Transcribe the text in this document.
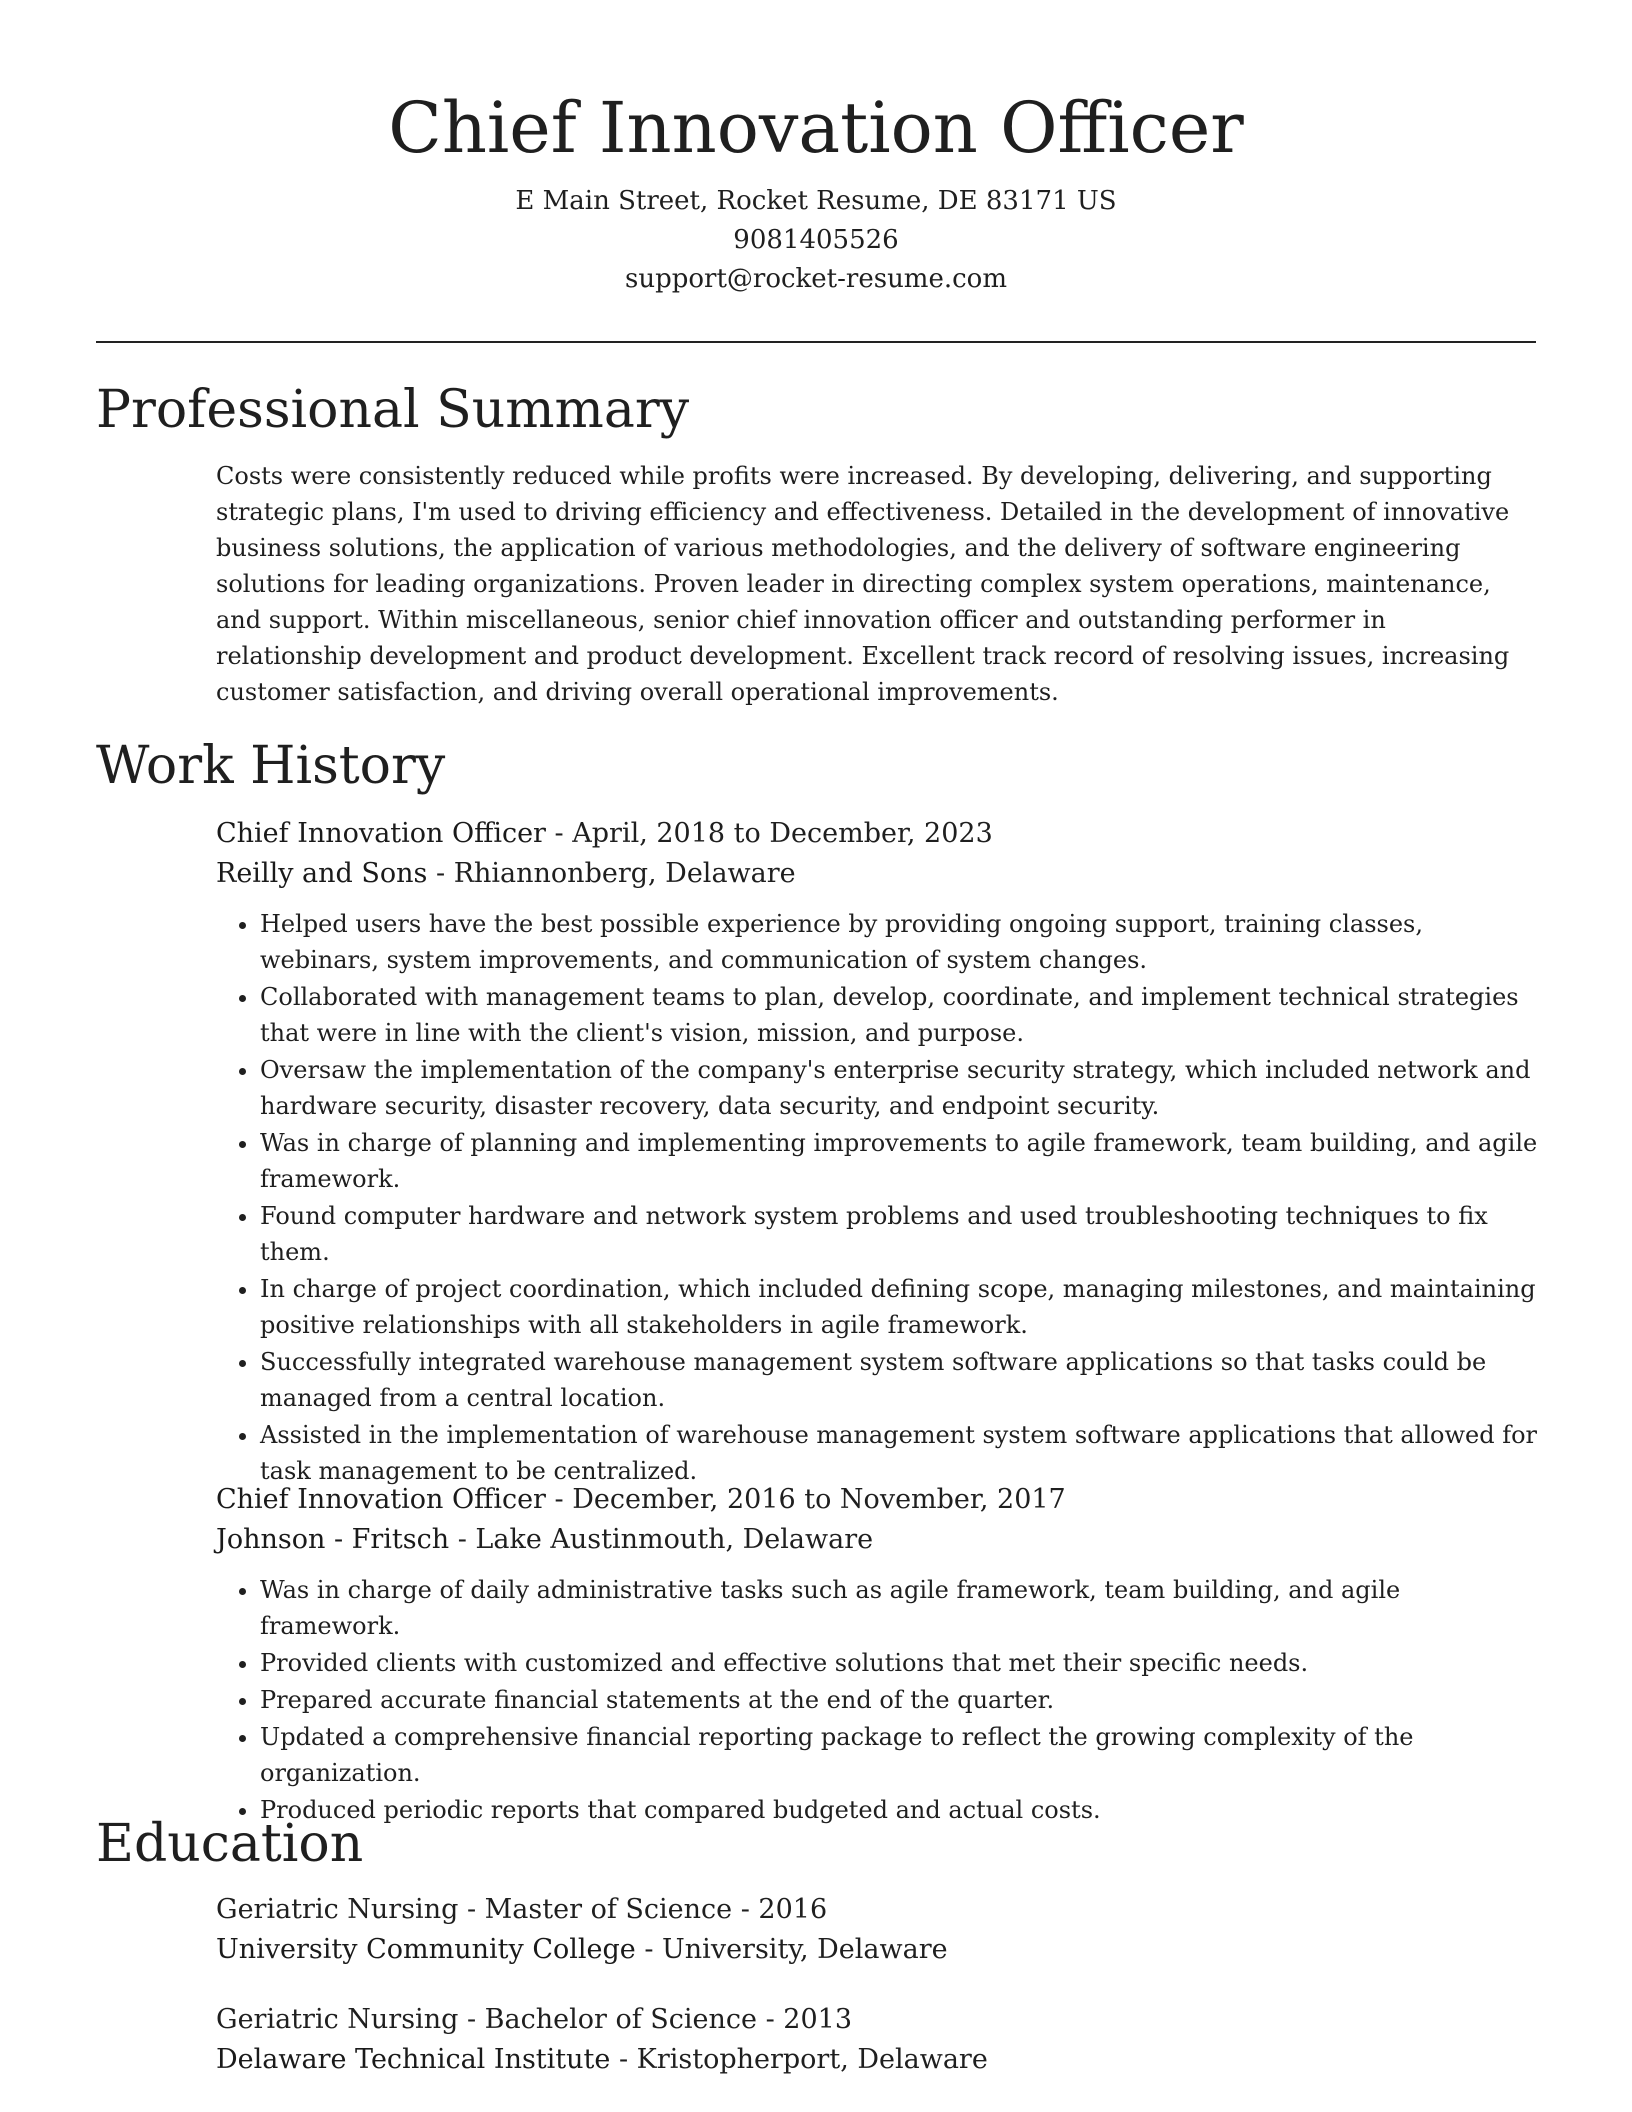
Chief Innovation Officer

E Main Street, Rocket Resume, DE 83171 US

9081405526

support@rocket-resume.com

Professional Summary

Costs were consistently reduced while profits were increased. By developing, delivering, and supporting strategic plans, I'm used to driving efficiency and effectiveness. Detailed in the development of innovative business solutions, the application of various methodologies, and the delivery of software engineering solutions for leading organizations. Proven leader in directing complex system operations, maintenance, and support. Within miscellaneous, senior chief innovation officer and outstanding performer in relationship development and product development. Excellent track record of resolving issues, increasing customer satisfaction, and driving overall operational improvements.

Work History

Chief Innovation Officer - April, 2018 to December, 2023

Reilly and Sons - Rhiannonberg, Delaware

• Helped users have the best possible experience by providing ongoing support, training classes, webinars, system improvements, and communication of system changes.
• Collaborated with management teams to plan, develop, coordinate, and implement technical strategies that were in line with the client's vision, mission, and purpose.
• Oversaw the implementation of the company's enterprise security strategy, which included network and hardware security, disaster recovery, data security, and endpoint security.
• Was in charge of planning and implementing improvements to agile framework, team building, and agile framework.
• Found computer hardware and network system problems and used troubleshooting techniques to fix them.
• In charge of project coordination, which included defining scope, managing milestones, and maintaining positive relationships with all stakeholders in agile framework.
• Successfully integrated warehouse management system software applications so that tasks could be managed from a central location.
• Assisted in the implementation of warehouse management system software applications that allowed for task management to be centralized.

Chief Innovation Officer - December, 2016 to November, 2017

Johnson - Fritsch - Lake Austinmouth, Delaware

• Was in charge of daily administrative tasks such as agile framework, team building, and agile framework.
• Provided clients with customized and effective solutions that met their specific needs.
• Prepared accurate financial statements at the end of the quarter.
• Updated a comprehensive financial reporting package to reflect the growing complexity of the organization.
• Produced periodic reports that compared budgeted and actual costs.
Education

Geriatric Nursing - Master of Science - 2016

University Community College - University, Delaware

Geriatric Nursing - Bachelor of Science - 2013

Delaware Technical Institute - Kristopherport, Delaware
